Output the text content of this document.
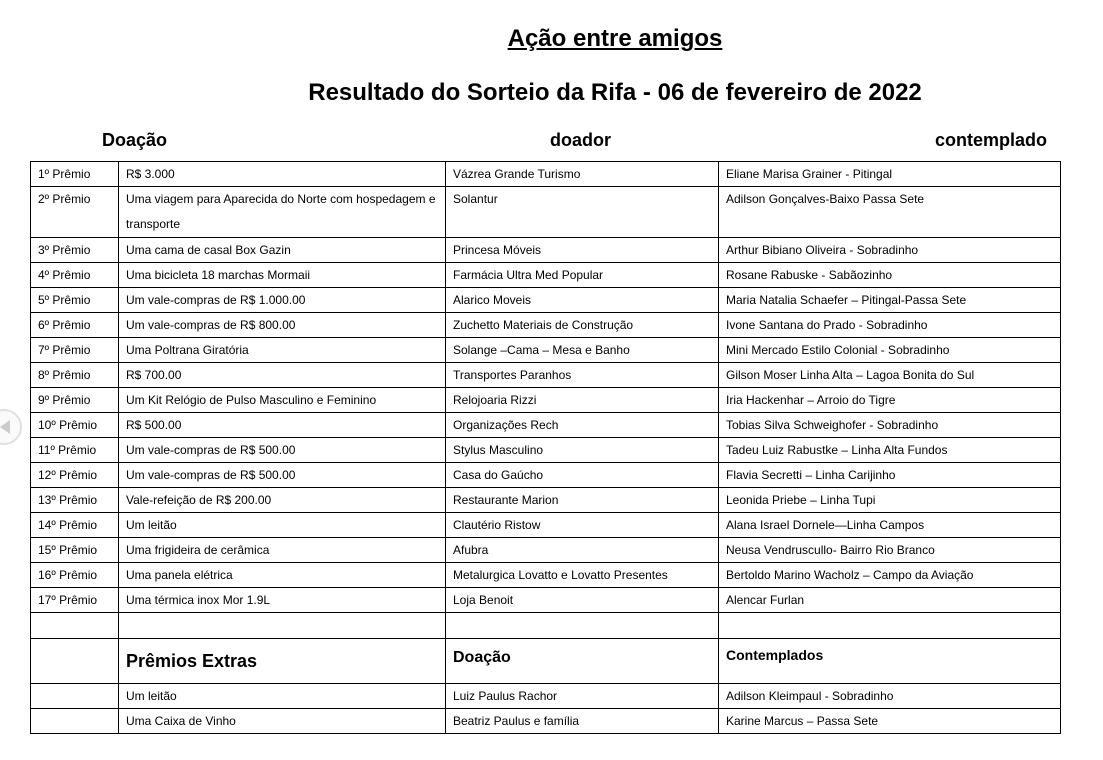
Ação entre amigos
Resultado do Sorteio da Rifa - 06 de fevereiro de 2022
Doação	doador	contemplado
1º Prêmio	R$ 3.000	Vázrea Grande Turismo	Eliane Marisa Grainer - Pitingal
2º Prêmio	Uma viagem para Aparecida do Norte com hospedagem e transporte	Solantur	Adilson Gonçalves-Baixo Passa Sete
3º Prêmio	Uma cama de casal Box Gazin	Princesa Móveis	Arthur Bibiano Oliveira - Sobradinho
4º Prêmio	Uma bicicleta 18 marchas Mormaii	Farmácia Ultra Med Popular	Rosane Rabuske - Sabãozinho
5º Prêmio	Um vale-compras de R$ 1.000.00	Alarico Moveis	Maria Natalia Schaefer – Pitingal-Passa Sete
6º Prêmio	Um vale-compras de R$ 800.00	Zuchetto Materiais de Construção	Ivone Santana do Prado - Sobradinho
7º Prêmio	Uma Poltrana Giratória	Solange –Cama – Mesa e Banho	Mini Mercado Estilo Colonial - Sobradinho
8º Prêmio	R$ 700.00	Transportes Paranhos	Gilson Moser Linha Alta – Lagoa Bonita do Sul
9º Prêmio	Um Kit Relógio de Pulso Masculino e Feminino	Relojoaria Rizzi	Iria Hackenhar – Arroio do Tigre
10º Prêmio	R$ 500.00	Organizações Rech	Tobias Silva Schweighofer - Sobradinho
11º Prêmio	Um vale-compras de R$ 500.00	Stylus Masculino	Tadeu Luiz Rabustke – Linha Alta Fundos
12º Prêmio	Um vale-compras de R$ 500.00	Casa do Gaúcho	Flavia Secretti – Linha Carijinho
13º Prêmio	Vale-refeição de R$ 200.00	Restaurante Marion	Leonida Priebe – Linha Tupi
14º Prêmio	Um leitão	Clautério Ristow	Alana Israel Dornele—Linha Campos
15º Prêmio	Uma frigideira de cerâmica	Afubra	Neusa Vendruscullo- Bairro Rio Branco
16º Prêmio	Uma panela elétrica	Metalurgica Lovatto e Lovatto Presentes	Bertoldo Marino Wacholz – Campo da Aviação
17º Prêmio	Uma térmica inox Mor 1.9L	Loja Benoit	Alencar Furlan

	Prêmios Extras	Doação	Contemplados
	Um leitão	Luiz Paulus Rachor	Adilson Kleimpaul - Sobradinho
	Uma Caixa de Vinho	Beatriz Paulus e família	Karine Marcus – Passa Sete
